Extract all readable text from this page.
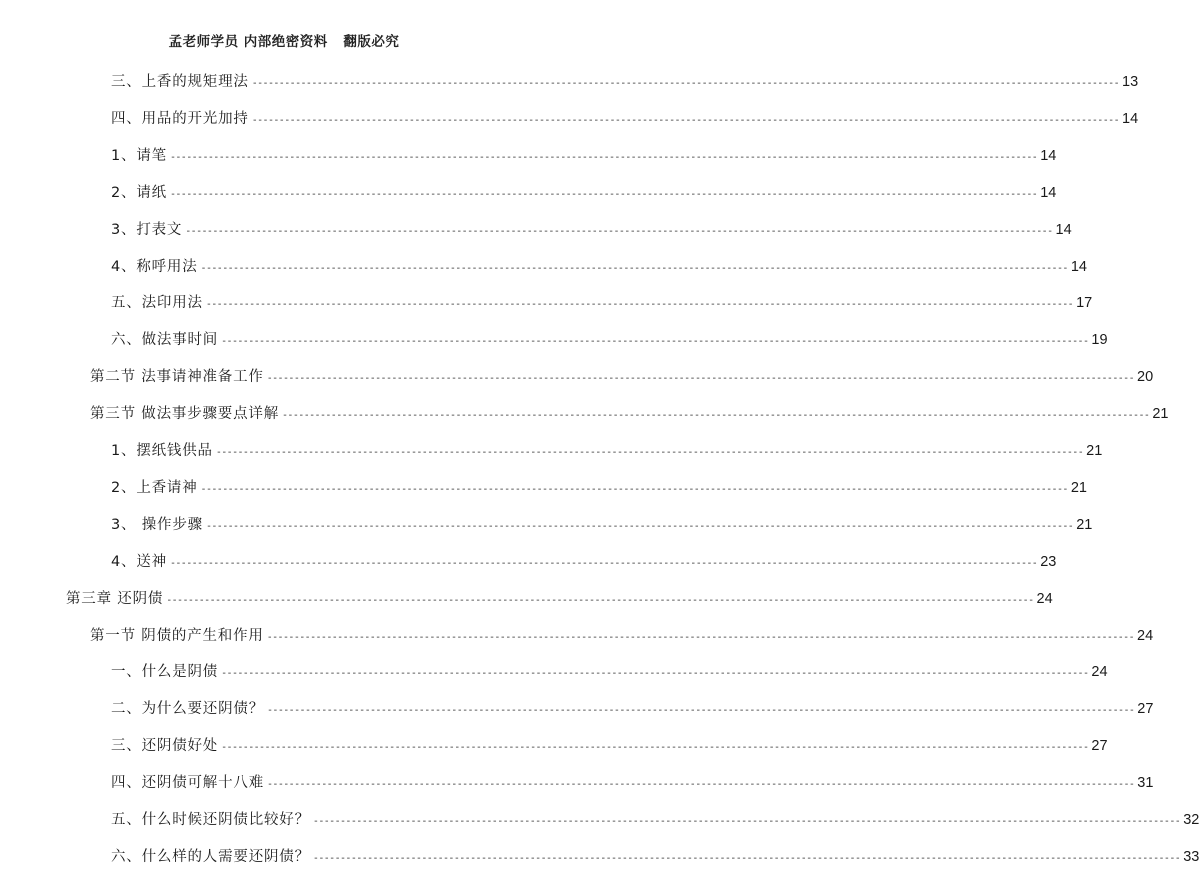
孟老师学员 内部绝密资料   翻版必究
三、上香的规矩理法 ---------------------------------------------------------------------------------------------------------------------------------------------------------------- 13
四、用品的开光加持 ---------------------------------------------------------------------------------------------------------------------------------------------------------------- 14
1、请笔 ---------------------------------------------------------------------------------------------------------------------------------------------------------------- 14
2、请纸 ---------------------------------------------------------------------------------------------------------------------------------------------------------------- 14
3、打表文 ---------------------------------------------------------------------------------------------------------------------------------------------------------------- 14
4、称呼用法 ---------------------------------------------------------------------------------------------------------------------------------------------------------------- 14
五、法印用法 ---------------------------------------------------------------------------------------------------------------------------------------------------------------- 17
六、做法事时间 ---------------------------------------------------------------------------------------------------------------------------------------------------------------- 19
第二节 法事请神准备工作 ---------------------------------------------------------------------------------------------------------------------------------------------------------------- 20
第三节 做法事步骤要点详解 ---------------------------------------------------------------------------------------------------------------------------------------------------------------- 21
1、摆纸钱供品 ---------------------------------------------------------------------------------------------------------------------------------------------------------------- 21
2、上香请神 ---------------------------------------------------------------------------------------------------------------------------------------------------------------- 21
3、 操作步骤 ---------------------------------------------------------------------------------------------------------------------------------------------------------------- 21
4、送神 ---------------------------------------------------------------------------------------------------------------------------------------------------------------- 23
第三章 还阴债 ---------------------------------------------------------------------------------------------------------------------------------------------------------------- 24
第一节 阴债的产生和作用 ---------------------------------------------------------------------------------------------------------------------------------------------------------------- 24
一、什么是阴债 ---------------------------------------------------------------------------------------------------------------------------------------------------------------- 24
二、为什么要还阴债？ ---------------------------------------------------------------------------------------------------------------------------------------------------------------- 27
三、还阴债好处 ---------------------------------------------------------------------------------------------------------------------------------------------------------------- 27
四、还阴债可解十八难 ---------------------------------------------------------------------------------------------------------------------------------------------------------------- 31
五、什么时候还阴债比较好？ ---------------------------------------------------------------------------------------------------------------------------------------------------------------- 32
六、什么样的人需要还阴债？ ---------------------------------------------------------------------------------------------------------------------------------------------------------------- 33
